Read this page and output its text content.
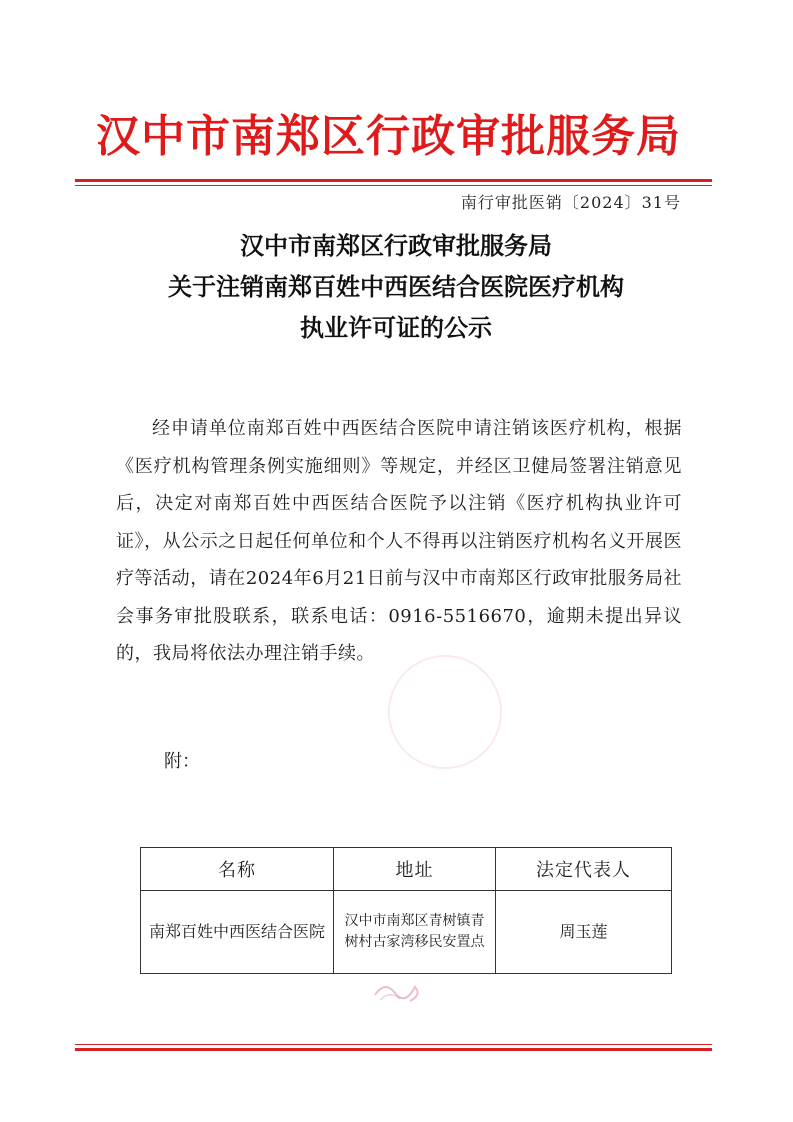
汉中市南郑区行政审批服务局
南行审批医销〔2024〕31号
汉中市南郑区行政审批服务局
关于注销南郑百姓中西医结合医院医疗机构
执业许可证的公示

经申请单位南郑百姓中西医结合医院申请注销该医疗机构，根据《医疗机构管理条例实施细则》等规定，并经区卫健局签署注销意见后，决定对南郑百姓中西医结合医院予以注销《医疗机构执业许可证》，从公示之日起任何单位和个人不得再以注销医疗机构名义开展医疗等活动，请在2024年6月21日前与汉中市南郑区行政审批服务局社会事务审批股联系，联系电话：0916-5516670，逾期未提出异议的，我局将依法办理注销手续。

附：
名称	地址	法定代表人
南郑百姓中西医结合医院	汉中市南郑区青树镇青树村古家湾移民安置点	周玉莲
